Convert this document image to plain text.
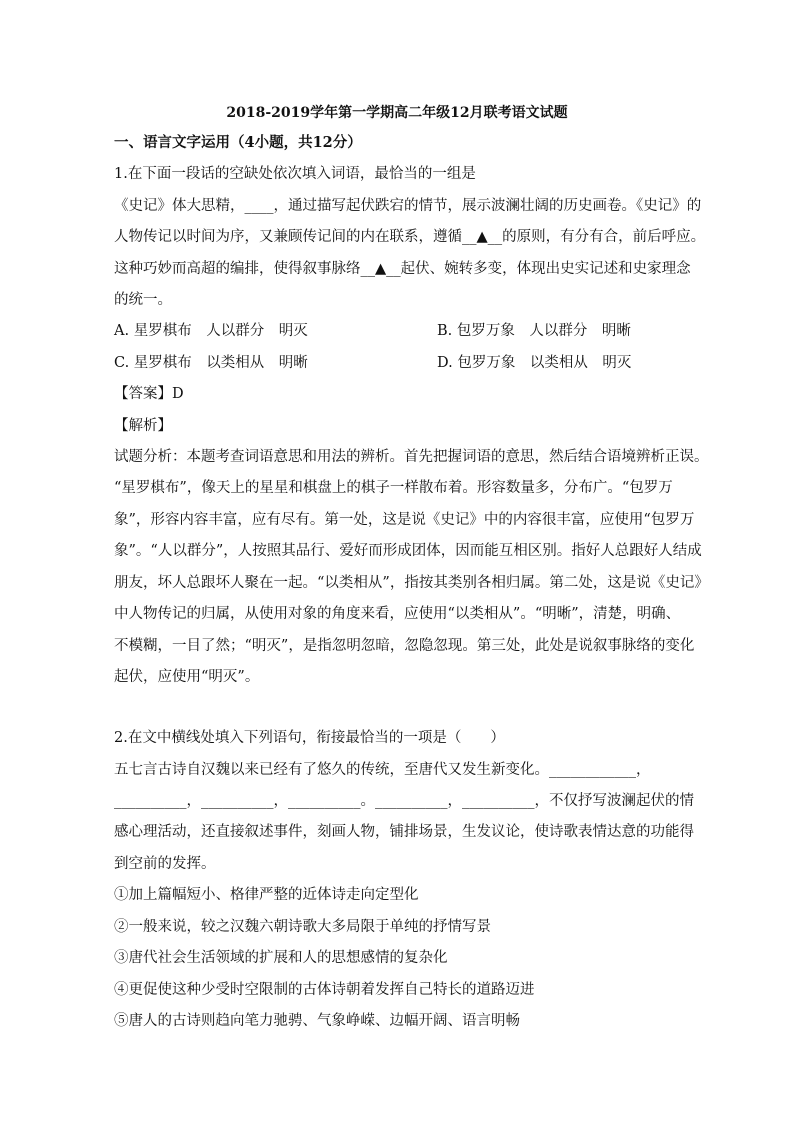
2018-2019学年第一学期高二年级12月联考语文试题
一、语言文字运用（4小题，共12分）
1.在下面一段话的空缺处依次填入词语，最恰当的一组是
《史记》体大思精，____，通过描写起伏跌宕的情节，展示波澜壮阔的历史画卷。《史记》的
人物传记以时间为序，又兼顾传记间的内在联系，遵循__▲__的原则，有分有合，前后呼应。
这种巧妙而高超的编排，使得叙事脉络__▲__起伏、婉转多变，体现出史实记述和史家理念
的统一。
A. 星罗棋布　人以群分　明灭	B. 包罗万象　人以群分　明晰
C. 星罗棋布　以类相从　明晰	D. 包罗万象　以类相从　明灭
【答案】D
【解析】
试题分析：本题考查词语意思和用法的辨析。首先把握词语的意思，然后结合语境辨析正误。
“星罗棋布”，像天上的星星和棋盘上的棋子一样散布着。形容数量多，分布广。“包罗万
象”，形容内容丰富，应有尽有。第一处，这是说《史记》中的内容很丰富，应使用“包罗万
象”。“人以群分”，人按照其品行、爱好而形成团体，因而能互相区别。指好人总跟好人结成
朋友，坏人总跟坏人聚在一起。“以类相从”，指按其类别各相归属。第二处，这是说《史记》
中人物传记的归属，从使用对象的角度来看，应使用“以类相从”。“明晰”，清楚，明确、
不模糊，一目了然；“明灭”，是指忽明忽暗，忽隐忽现。第三处，此处是说叙事脉络的变化
起伏，应使用“明灭”。
2.在文中横线处填入下列语句，衔接最恰当的一项是（　　）
五七言古诗自汉魏以来已经有了悠久的传统，至唐代又发生新变化。____________，
__________，__________，__________。__________，__________，不仅抒写波澜起伏的情
感心理活动，还直接叙述事件，刻画人物，铺排场景，生发议论，使诗歌表情达意的功能得
到空前的发挥。
①加上篇幅短小、格律严整的近体诗走向定型化
②一般来说，较之汉魏六朝诗歌大多局限于单纯的抒情写景
③唐代社会生活领域的扩展和人的思想感情的复杂化
④更促使这种少受时空限制的古体诗朝着发挥自己特长的道路迈进
⑤唐人的古诗则趋向笔力驰骋、气象峥嵘、边幅开阔、语言明畅
